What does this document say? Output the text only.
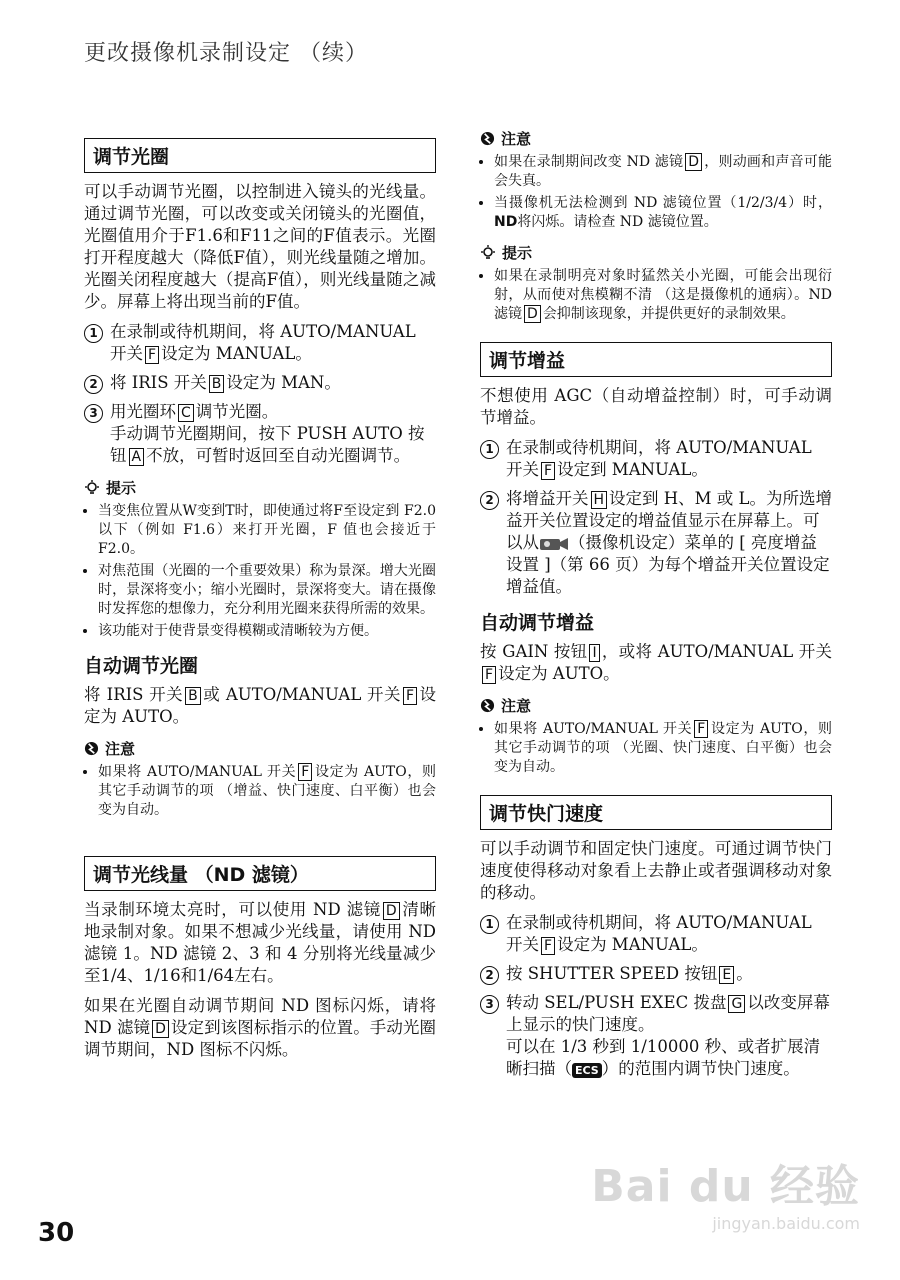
更改摄像机录制设定 （续）
调节光圈

可以手动调节光圈，以控制进入镜头的光线量。通过调节光圈，可以改变或关闭镜头的光圈值，光圈值用介于F1.6和F11之间的F值表示。光圈打开程度越大（降低F值），则光线量随之增加。光圈关闭程度越大（提高F值），则光线量随之减少。屏幕上将出现当前的F值。

1 在录制或待机期间，将 AUTO/MANUAL 开关 F 设定为 MANUAL。
2 将 IRIS 开关 B 设定为 MAN。
3 用光圈环 C 调节光圈。
手动调节光圈期间，按下 PUSH AUTO 按钮 A 不放，可暂时返回至自动光圈调节。
提示
• 当变焦位置从W变到T时，即使通过将F至设定到 F2.0 以下（例如 F1.6）来打开光圈，F 值也会接近于 F2.0。
• 对焦范围（光圈的一个重要效果）称为景深。增大光圈时，景深将变小；缩小光圈时，景深将变大。请在摄像时发挥您的想像力，充分利用光圈来获得所需的效果。
• 该功能对于使背景变得模糊或清晰较为方便。
自动调节光圈

将 IRIS 开关 B 或 AUTO/MANUAL 开关 F 设定为 AUTO。

注意
• 如果将 AUTO/MANUAL 开关 F 设定为 AUTO，则其它手动调节的项 （增益、快门速度、白平衡）也会变为自动。
调节光线量 （ND 滤镜）

当录制环境太亮时，可以使用 ND 滤镜 D 清晰地录制对象。如果不想减少光线量，请使用 ND 滤镜 1。ND 滤镜 2、3 和 4 分别将光线量减少至1/4、1/16和1/64左右。

如果在光圈自动调节期间 ND 图标闪烁，请将 ND 滤镜 D 设定到该图标指示的位置。手动光圈调节期间，ND 图标不闪烁。

注意
• 如果在录制期间改变 ND 滤镜 D ，则动画和声音可能会失真。
• 当摄像机无法检测到 ND 滤镜位置（1/2/3/4）时，ND将闪烁。请检查 ND 滤镜位置。
提示
• 如果在录制明亮对象时猛然关小光圈，可能会出现衍射，从而使对焦模糊不清 （这是摄像机的通病）。ND 滤镜 D 会抑制该现象，并提供更好的录制效果。
调节增益

不想使用 AGC（自动增益控制）时，可手动调节增益。

1 在录制或待机期间，将 AUTO/MANUAL 开关 F 设定到 MANUAL。
2 将增益开关 H 设定到 H、M 或 L。为所选增益开关位置设定的增益值显示在屏幕上。可以从 （摄像机设定）菜单的 [ 亮度增益设置 ]（第 66 页）为每个增益开关位置设定增益值。
自动调节增益

按 GAIN 按钮 I ，或将 AUTO/MANUAL 开关F 设定为 AUTO。

注意
• 如果将 AUTO/MANUAL 开关 F 设定为 AUTO，则其它手动调节的项 （光圈、快门速度、白平衡）也会变为自动。
调节快门速度

可以手动调节和固定快门速度。可通过调节快门速度使得移动对象看上去静止或者强调移动对象的移动。

1 在录制或待机期间，将 AUTO/MANUAL 开关 F 设定为 MANUAL。
2 按 SHUTTER SPEED 按钮 E 。
3 转动 SEL/PUSH EXEC 拨盘 G 以改变屏幕上显示的快门速度。
可以在 1/3 秒到 1/10000 秒、或者扩展清晰扫描（ ECS ）的范围内调节快门速度。
Bai du 经验
jingyan.baidu.com
30
